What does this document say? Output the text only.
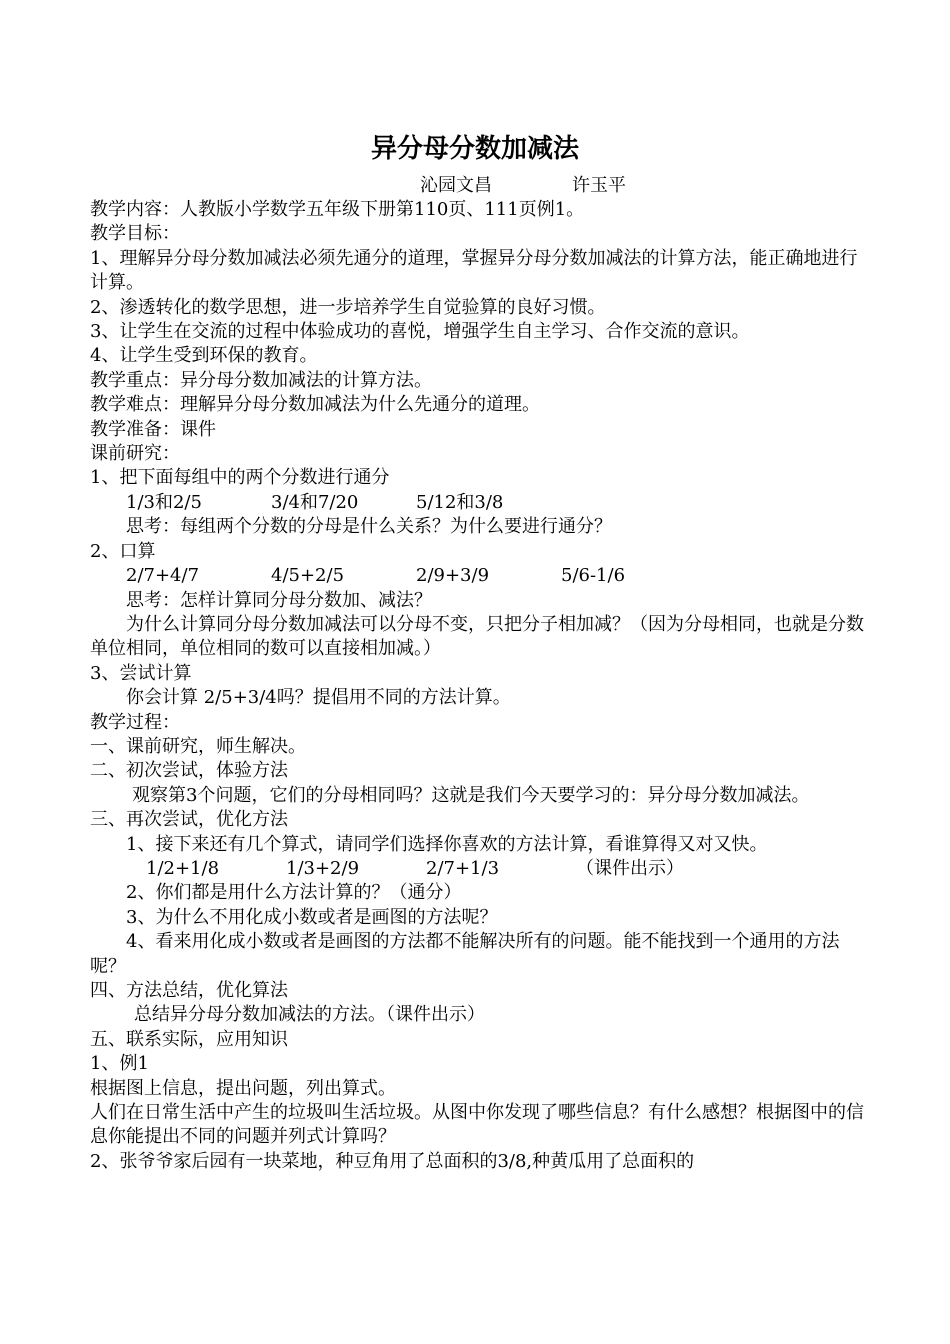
异分母分数加减法
沁园文昌	许玉平
教学内容：人教版小学数学五年级下册第110页、111页例1。
教学目标：
1、理解异分母分数加减法必须先通分的道理，掌握异分母分数加减法的计算方法，能正确地进行计算。
2、渗透转化的数学思想，进一步培养学生自觉验算的良好习惯。
3、让学生在交流的过程中体验成功的喜悦，增强学生自主学习、合作交流的意识。
4、让学生受到环保的教育。
教学重点：异分母分数加减法的计算方法。
教学难点：理解异分母分数加减法为什么先通分的道理。
教学准备：课件
课前研究：
1、把下面每组中的两个分数进行通分
1/3和2/5	3/4和7/20	5/12和3/8
思考：每组两个分数的分母是什么关系？为什么要进行通分？
2、口算
2/7+4/7	4/5+2/5	2/9+3/9	5/6-1/6
思考：怎样计算同分母分数加、减法？
为什么计算同分母分数加减法可以分母不变，只把分子相加减？（因为分母相同，也就是分数单位相同，单位相同的数可以直接相加减。）
3、尝试计算
你会计算 2/5+3/4吗？提倡用不同的方法计算。
教学过程：
一、课前研究，师生解决。
二、初次尝试，体验方法
观察第3个问题，它们的分母相同吗？这就是我们今天要学习的：异分母分数加减法。
三、再次尝试，优化方法
1、接下来还有几个算式，请同学们选择你喜欢的方法计算，看谁算得又对又快。
1/2+1/8	1/3+2/9	2/7+1/3	（课件出示）
2、你们都是用什么方法计算的？（通分）
3、为什么不用化成小数或者是画图的方法呢？
4、看来用化成小数或者是画图的方法都不能解决所有的问题。能不能找到一个通用的方法呢？
四、方法总结，优化算法
总结异分母分数加减法的方法。（课件出示）
五、联系实际，应用知识
1、例1
根据图上信息，提出问题，列出算式。
人们在日常生活中产生的垃圾叫生活垃圾。从图中你发现了哪些信息？有什么感想？根据图中的信息你能提出不同的问题并列式计算吗？
2、张爷爷家后园有一块菜地，种豆角用了总面积的3/8,种黄瓜用了总面积的
